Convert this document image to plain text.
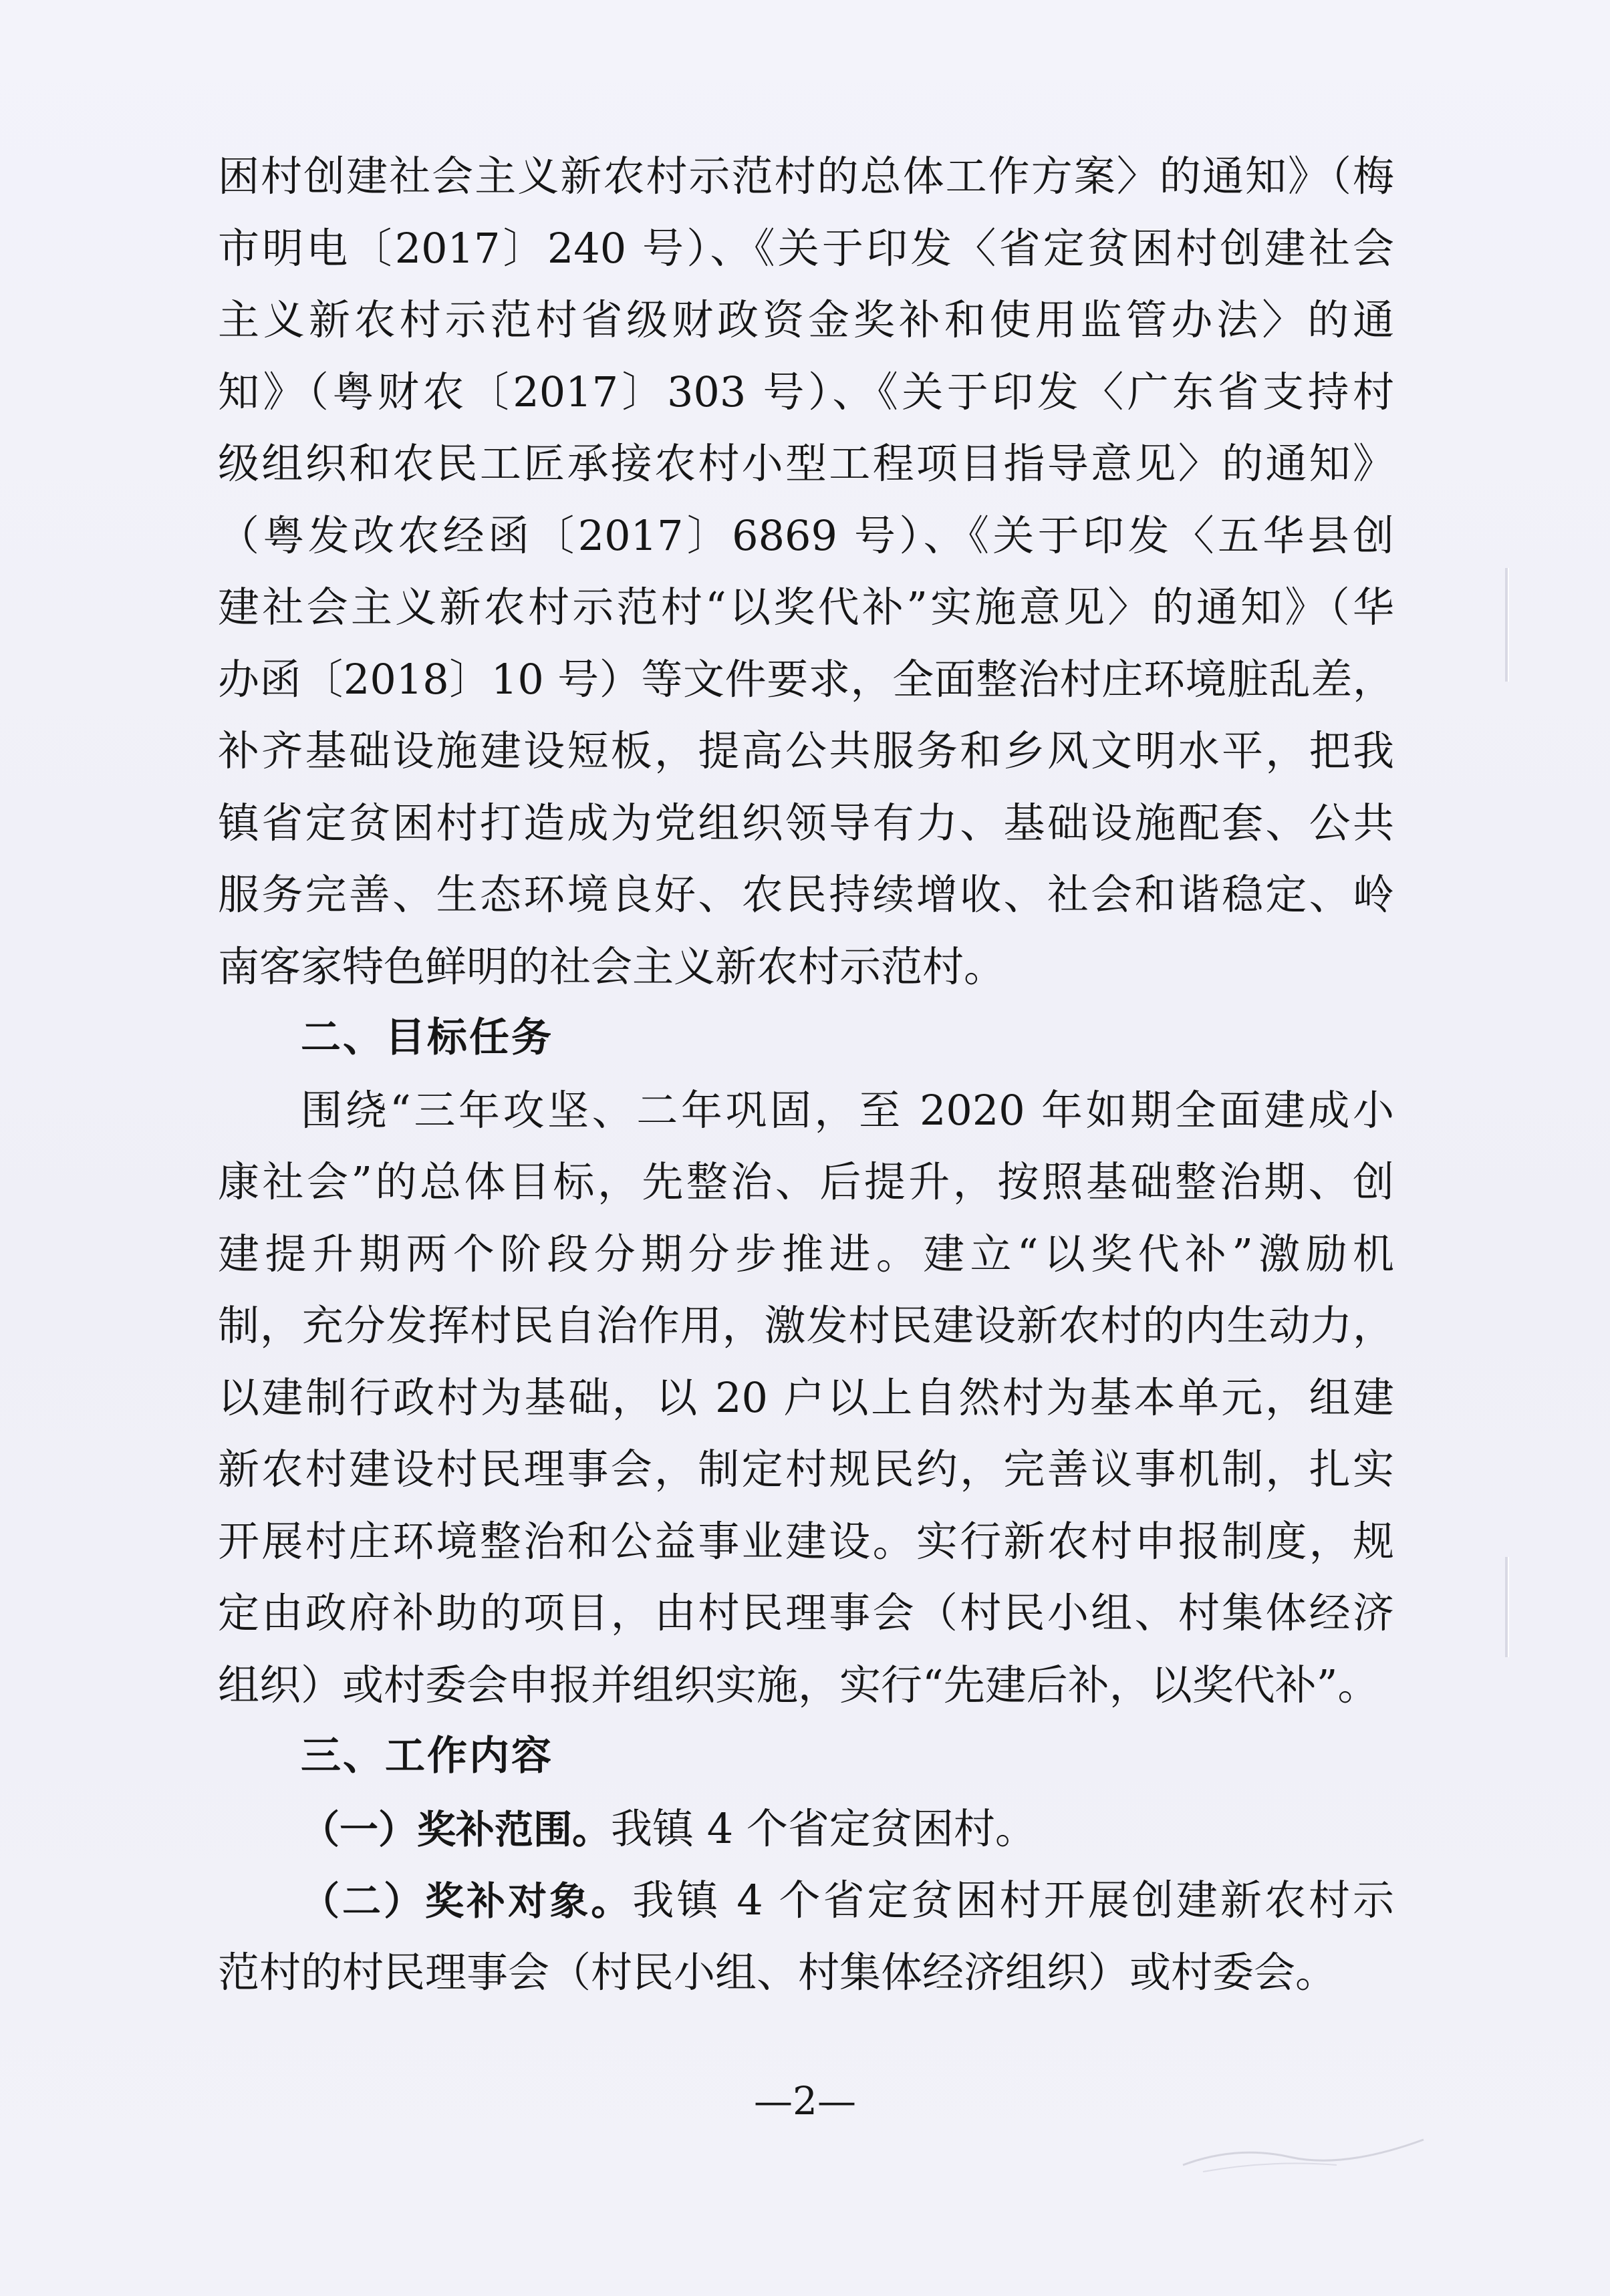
困村创建社会主义新农村示范村的总体工作方案〉的通知》（梅
市明电〔2017〕240 号）、《关于印发〈省定贫困村创建社会
主义新农村示范村省级财政资金奖补和使用监管办法〉的通
知》（粤财农〔2017〕303 号）、《关于印发〈广东省支持村
级组织和农民工匠承接农村小型工程项目指导意见〉的通知》
（粤发改农经函〔2017〕6869 号）、《关于印发〈五华县创
建社会主义新农村示范村“以奖代补”实施意见〉的通知》（华
办函〔2018〕10 号）等文件要求，全面整治村庄环境脏乱差，
补齐基础设施建设短板，提高公共服务和乡风文明水平，把我
镇省定贫困村打造成为党组织领导有力、基础设施配套、公共
服务完善、生态环境良好、农民持续增收、社会和谐稳定、岭
南客家特色鲜明的社会主义新农村示范村。
二、目标任务
围绕“三年攻坚、二年巩固，至 2020 年如期全面建成小
康社会”的总体目标，先整治、后提升，按照基础整治期、创
建提升期两个阶段分期分步推进。建立“以奖代补”激励机
制，充分发挥村民自治作用，激发村民建设新农村的内生动力，
以建制行政村为基础，以 20 户以上自然村为基本单元，组建
新农村建设村民理事会，制定村规民约，完善议事机制，扎实
开展村庄环境整治和公益事业建设。实行新农村申报制度，规
定由政府补助的项目，由村民理事会（村民小组、村集体经济
组织）或村委会申报并组织实施，实行“先建后补，以奖代补”。
三、工作内容
（一）奖补范围。我镇 4 个省定贫困村。
（二）奖补对象。我镇 4 个省定贫困村开展创建新农村示
范村的村民理事会（村民小组、村集体经济组织）或村委会。
—2—
